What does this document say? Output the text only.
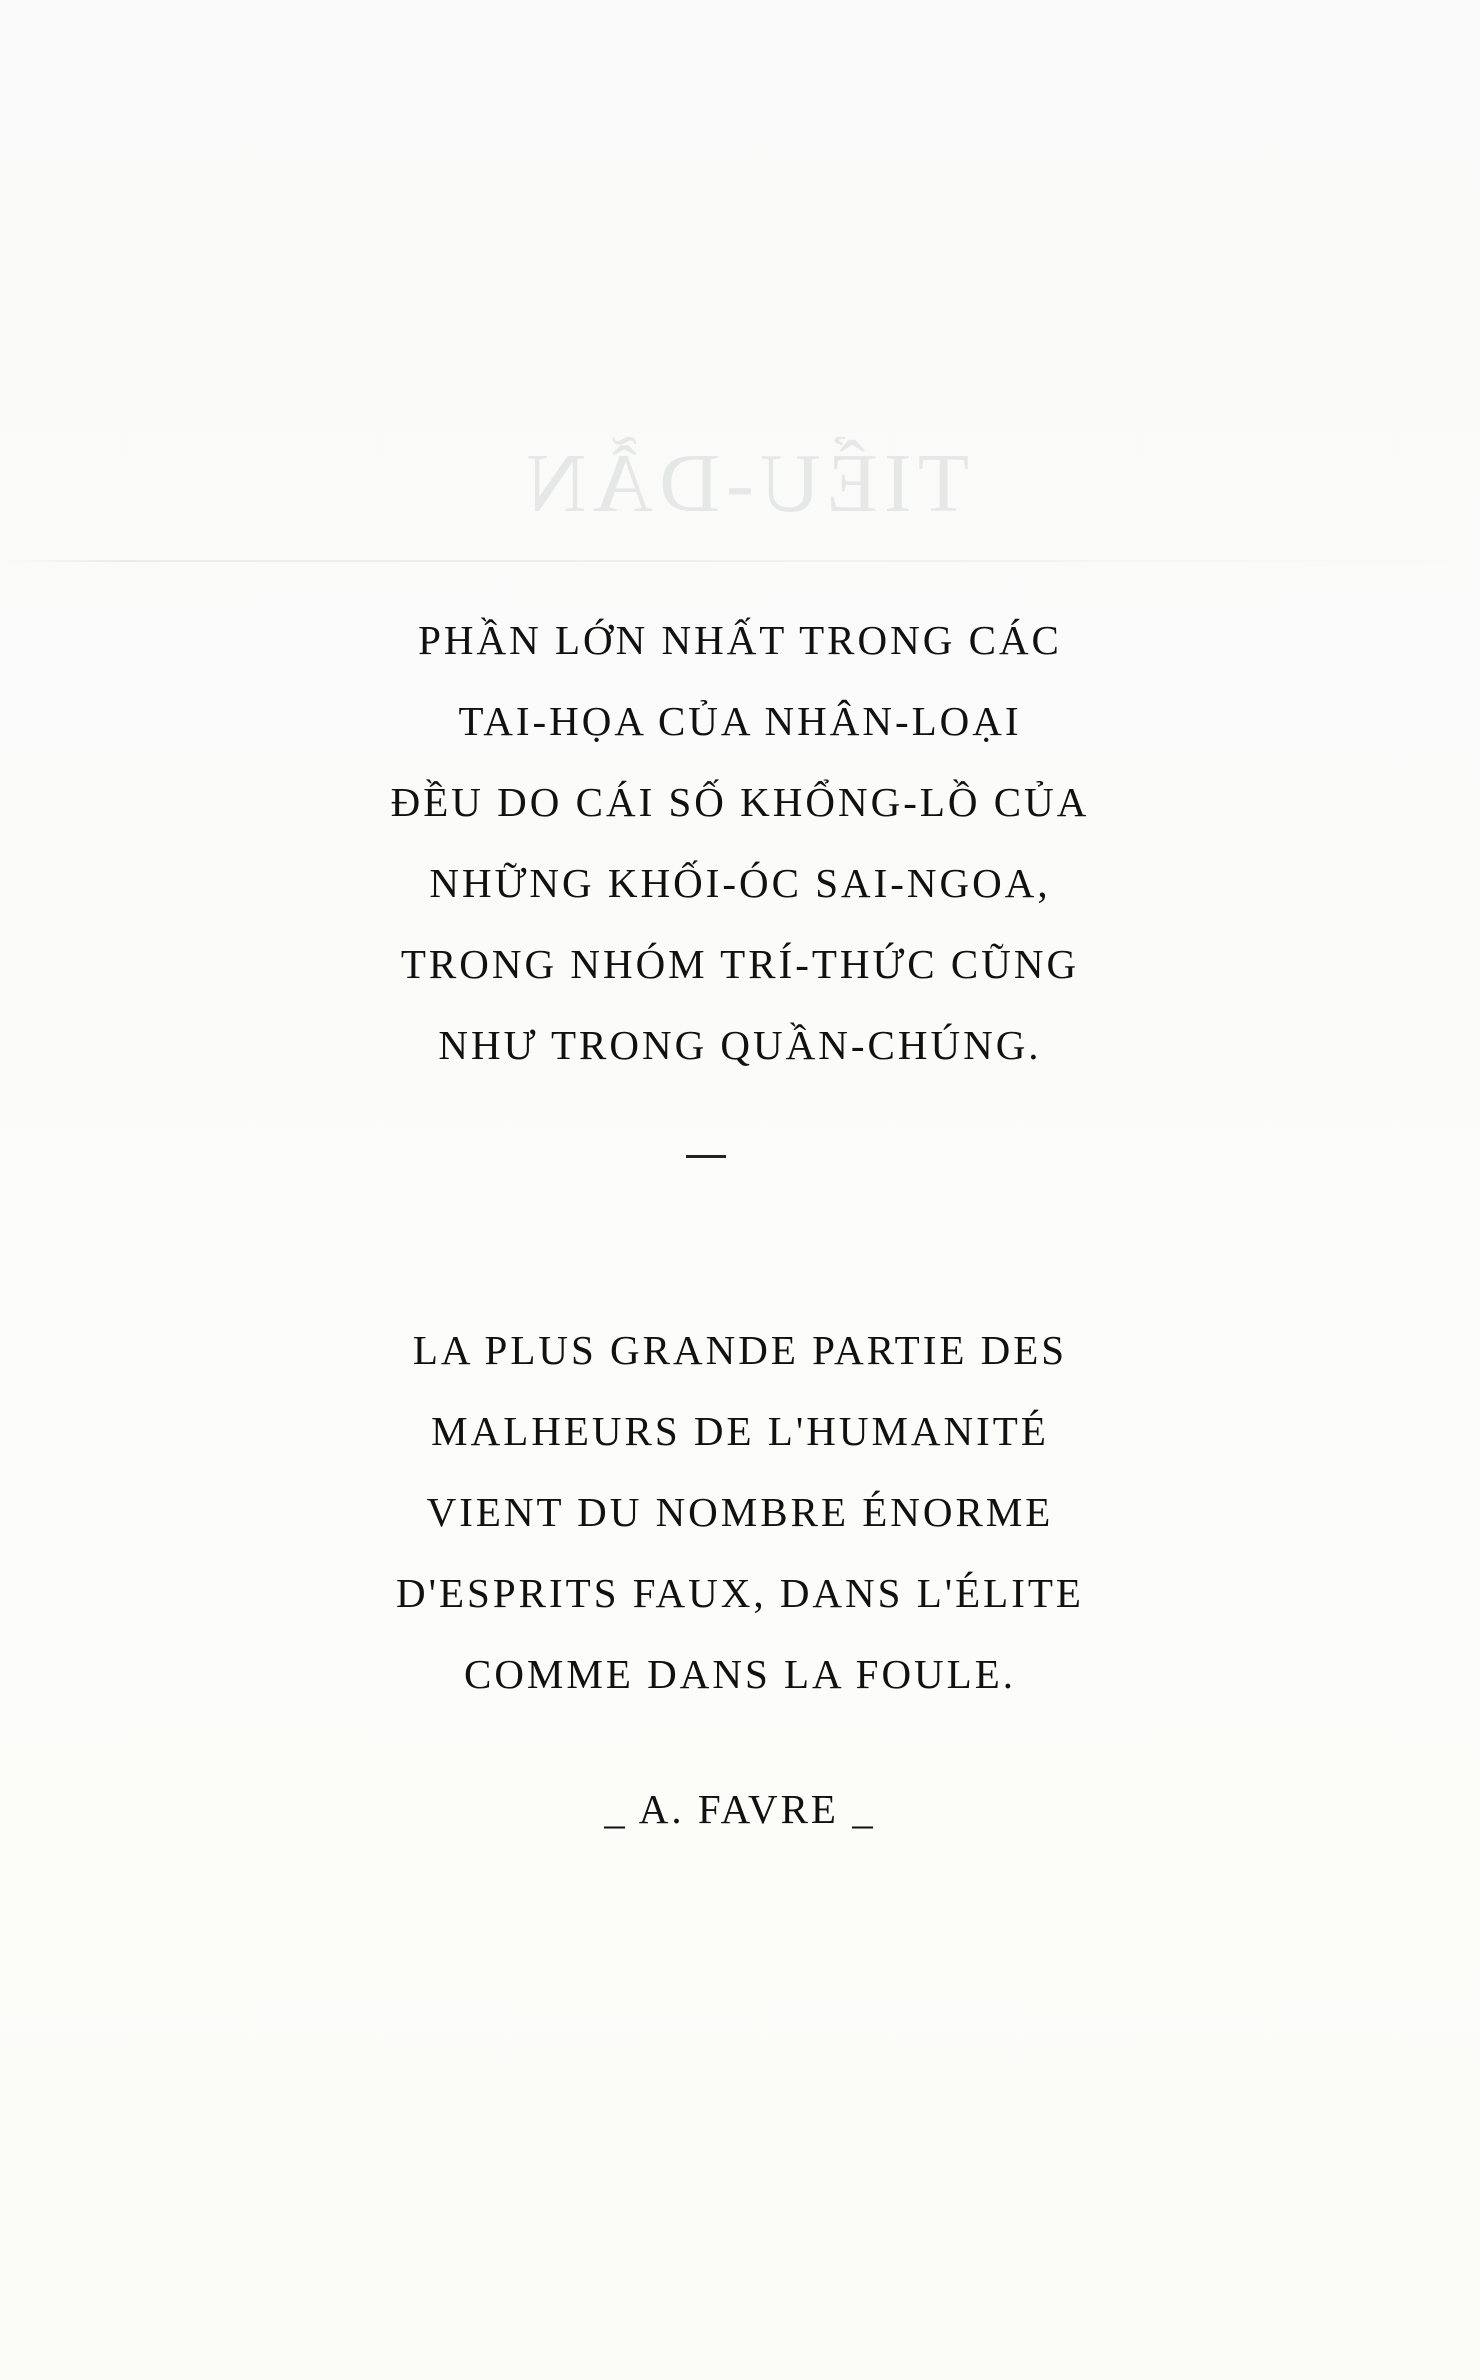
TIỂU-DẪN
PHẦN LỚN NHẤT TRONG CÁC
TAI-HỌA CỦA NHÂN-LOẠI
ĐỀU DO CÁI SỐ KHỔNG-LỒ CỦA
NHỮNG KHỐI-ÓC SAI-NGOA,
TRONG NHÓM TRÍ-THỨC CŨNG
NHƯ TRONG QUẦN-CHÚNG.
LA PLUS GRANDE PARTIE DES
MALHEURS DE L'HUMANITÉ
VIENT DU NOMBRE ÉNORME
D'ESPRITS FAUX, DANS L'ÉLITE
COMME DANS LA FOULE.
_ A. FAVRE _
